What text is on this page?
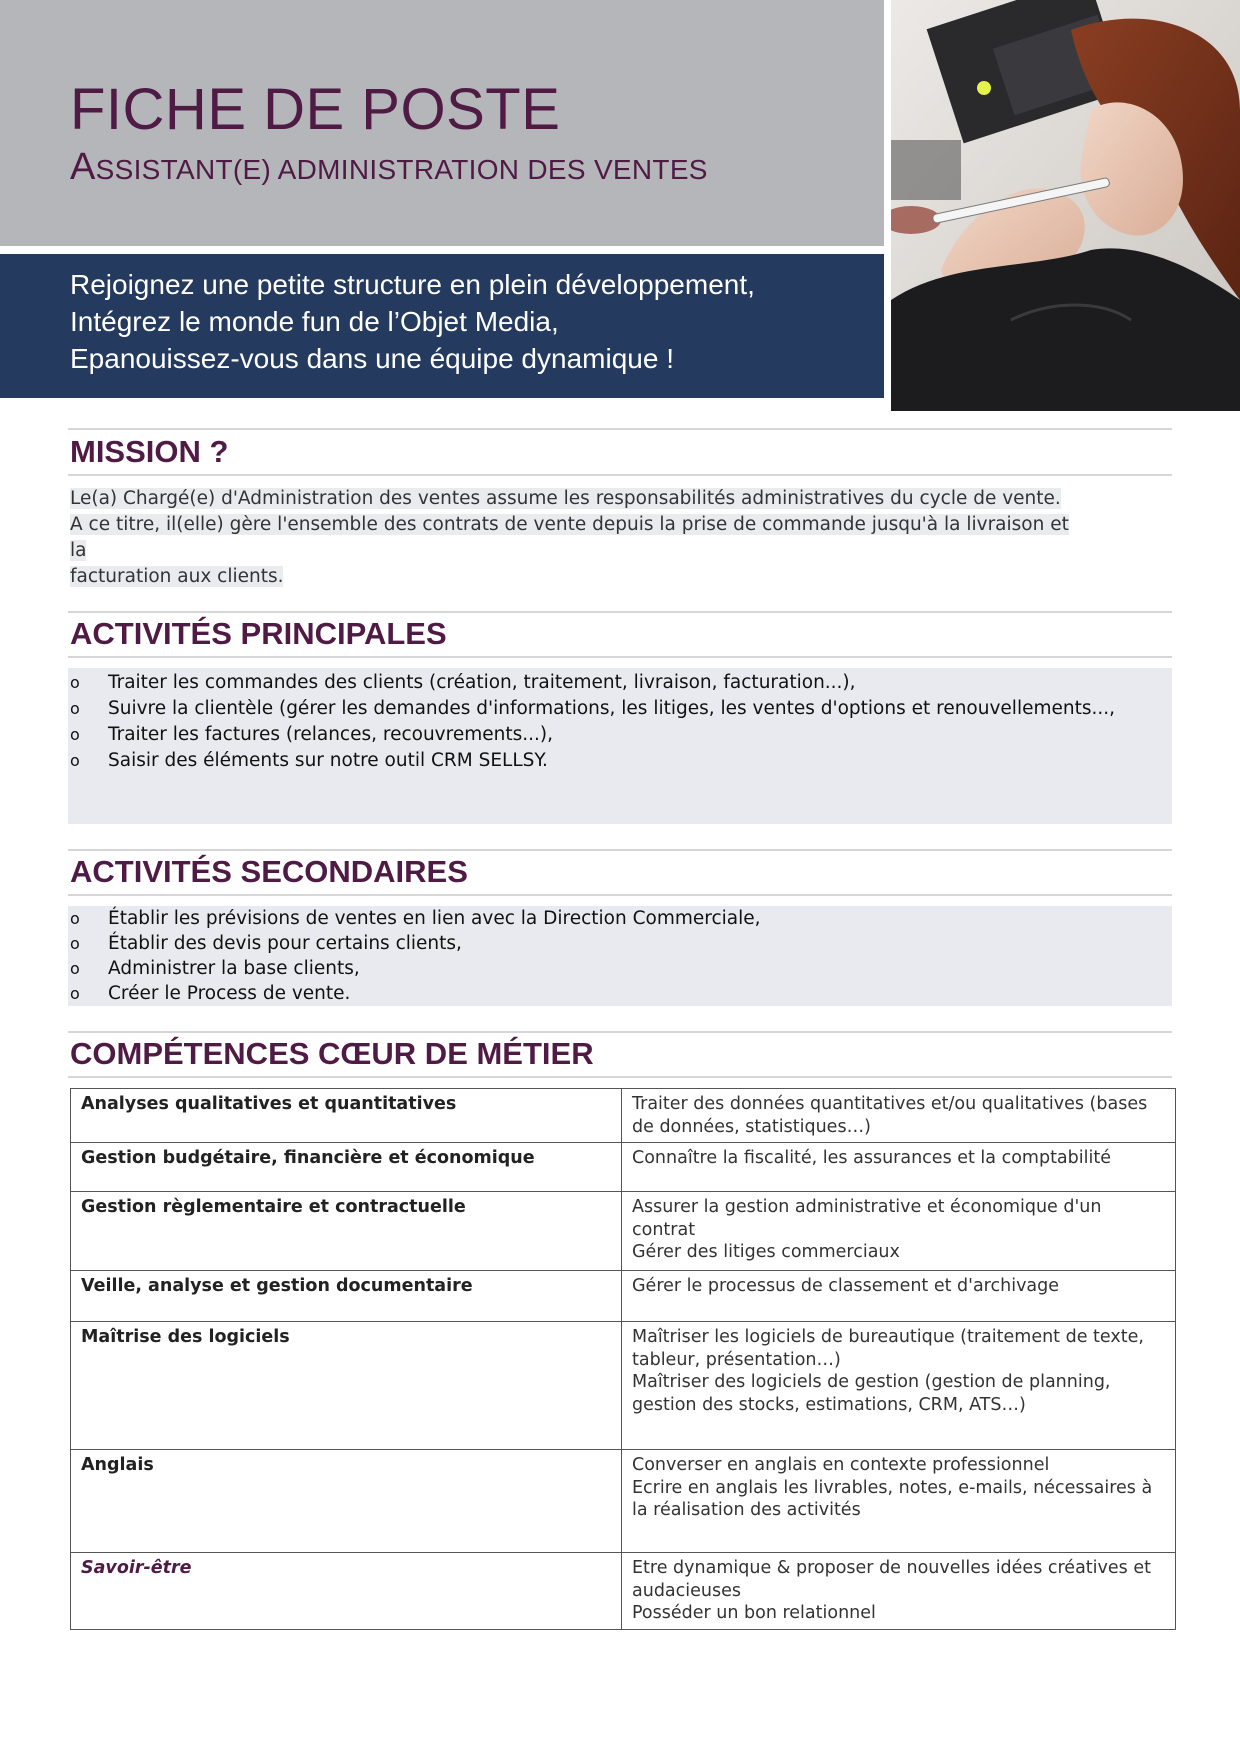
FICHE DE POSTE
ASSISTANT(E) ADMINISTRATION DES VENTES
Rejoignez une petite structure en plein développement,
Intégrez le monde fun de l’Objet Media,
Epanouissez-vous dans une équipe dynamique !
MISSION ?
Le(a) Chargé(e) d'Administration des ventes assume les responsabilités administratives du cycle de vente.
A ce titre, il(elle) gère l'ensemble des contrats de vente depuis la prise de commande jusqu'à la livraison et la
facturation aux clients.
ACTIVITÉS PRINCIPALES
o Traiter les commandes des clients (création, traitement, livraison, facturation...),
o Suivre la clientèle (gérer les demandes d'informations, les litiges, les ventes d'options et renouvellements...,
o Traiter les factures (relances, recouvrements...),
o Saisir des éléments sur notre outil CRM SELLSY.
ACTIVITÉS SECONDAIRES
o Établir les prévisions de ventes en lien avec la Direction Commerciale,
o Établir des devis pour certains clients,
o Administrer la base clients,
o Créer le Process de vente.
COMPÉTENCES CŒUR DE MÉTIER
Analyses qualitatives et quantitatives	Traiter des données quantitatives et/ou qualitatives (bases de données, statistiques…)

Gestion budgétaire, financière et économique	Connaître la fiscalité, les assurances et la comptabilité

Gestion règlementaire et contractuelle	Assurer la gestion administrative et économique d'un contrat
Gérer des litiges commerciaux

Veille, analyse et gestion documentaire	Gérer le processus de classement et d'archivage

Maîtrise des logiciels	Maîtriser les logiciels de bureautique (traitement de texte, tableur, présentation…)
Maîtriser des logiciels de gestion (gestion de planning, gestion des stocks, estimations, CRM, ATS…)

Anglais	Converser en anglais en contexte professionnel
Ecrire en anglais les livrables, notes, e-mails, nécessaires à la réalisation des activités

Savoir-être	Etre dynamique & proposer de nouvelles idées créatives et audacieuses
Posséder un bon relationnel
